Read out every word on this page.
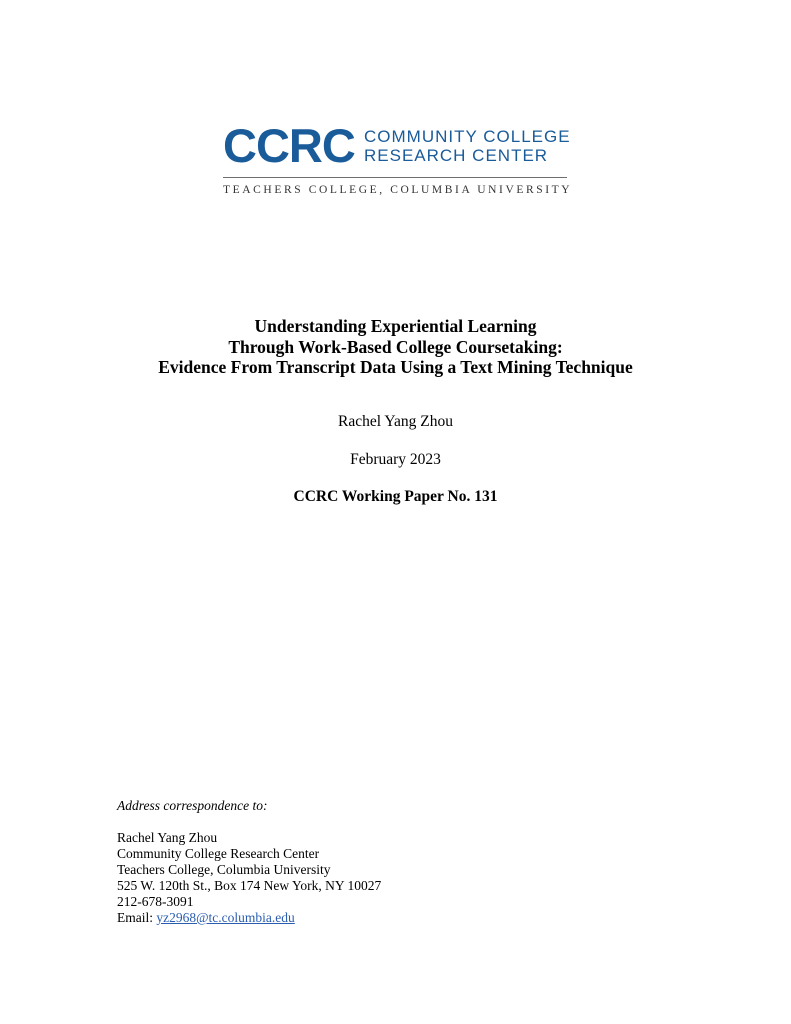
CCRC COMMUNITY COLLEGE
RESEARCH CENTER
TEACHERS COLLEGE, COLUMBIA UNIVERSITY
Understanding Experiential Learning
Through Work-Based College Coursetaking:
Evidence From Transcript Data Using a Text Mining Technique
Rachel Yang Zhou
February 2023
CCRC Working Paper No. 131
Address correspondence to:
Rachel Yang Zhou
Community College Research Center
Teachers College, Columbia University
525 W. 120th St., Box 174 New York, NY 10027
212-678-3091
Email: yz2968@tc.columbia.edu
